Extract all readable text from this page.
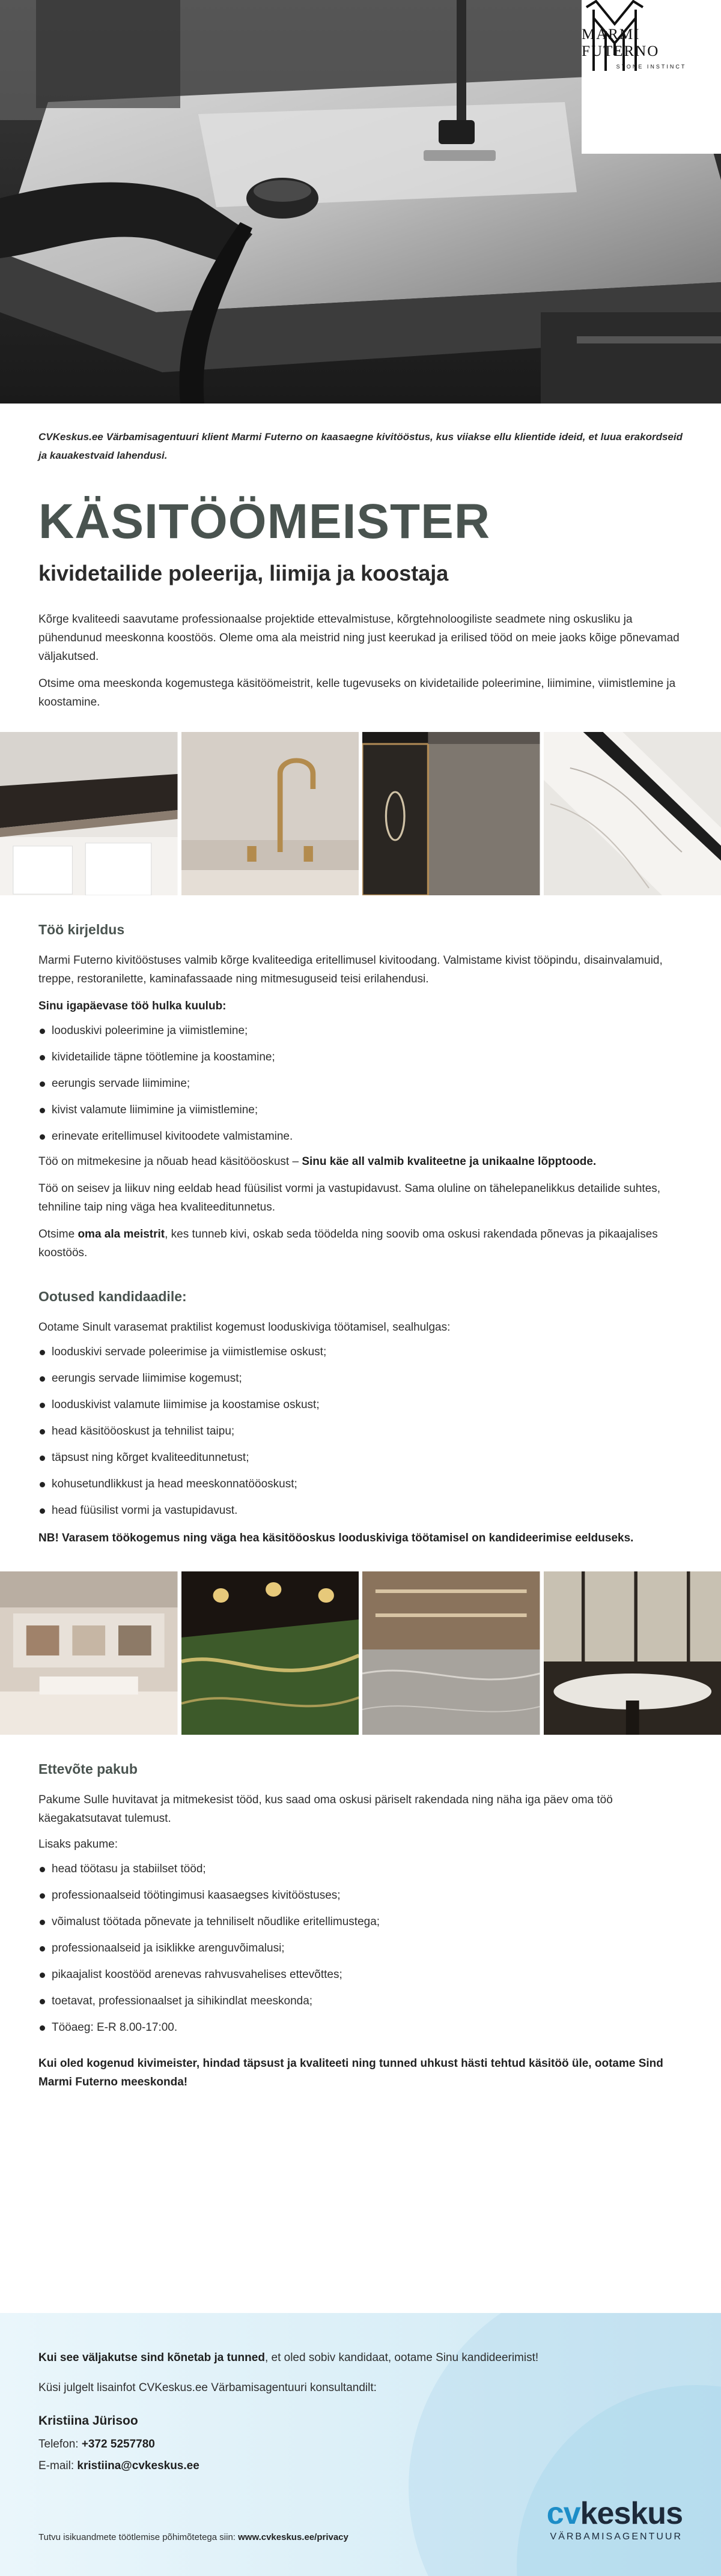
MARMI FUTERNO
STONE INSTINCT

CVKeskus.ee Värbamisagentuuri klient Marmi Futerno on kaasaegne kivitööstus, kus viiakse ellu klientide ideid, et luua erakordseid ja kauakestvaid lahendusi.

KÄSITÖÖMEISTER
kividetailide poleerija, liimija ja koostaja

Kõrge kvaliteedi saavutame professionaalse projektide ettevalmistuse, kõrgtehnoloogiliste seadmete ning oskusliku ja pühendunud meeskonna koostöös. Oleme oma ala meistrid ning just keerukad ja erilised tööd on meie jaoks kõige põnevamad väljakutsed.

Otsime oma meeskonda kogemustega käsitöömeistrit, kelle tugevuseks on kividetailide poleerimine, liimimine, viimistlemine ja koostamine.

Töö kirjeldus

Marmi Futerno kivitööstuses valmib kõrge kvaliteediga eritellimusel kivitoodang. Valmistame kivist tööpindu, disainvalamuid, treppe, restoranilette, kaminafassaade ning mitmesuguseid teisi erilahendusi.

Sinu igapäevase töö hulka kuulub:

looduskivi poleerimine ja viimistlemine;
kividetailide täpne töötlemine ja koostamine;
eerungis servade liimimine;
kivist valamute liimimine ja viimistlemine;
erinevate eritellimusel kivitoodete valmistamine.

Töö on mitmekesine ja nõuab head käsitööoskust – Sinu käe all valmib kvaliteetne ja unikaalne lõpptoode.

Töö on seisev ja liikuv ning eeldab head füüsilist vormi ja vastupidavust. Sama oluline on tähelepanelikkus detailide suhtes, tehniline taip ning väga hea kvaliteeditunnetus.

Otsime oma ala meistrit, kes tunneb kivi, oskab seda töödelda ning soovib oma oskusi rakendada põnevas ja pikaajalises koostöös.

Ootused kandidaadile:

Ootame Sinult varasemat praktilist kogemust looduskiviga töötamisel, sealhulgas:

looduskivi servade poleerimise ja viimistlemise oskust;
eerungis servade liimimise kogemust;
looduskivist valamute liimimise ja koostamise oskust;
head käsitööoskust ja tehnilist taipu;
täpsust ning kõrget kvaliteeditunnetust;
kohusetundlikkust ja head meeskonnatööoskust;
head füüsilist vormi ja vastupidavust.

NB! Varasem töökogemus ning väga hea käsitööoskus looduskiviga töötamisel on kandideerimise eelduseks.

Ettevõte pakub

Pakume Sulle huvitavat ja mitmekesist tööd, kus saad oma oskusi päriselt rakendada ning näha iga päev oma töö käegakatsutavat tulemust.

Lisaks pakume:

head töötasu ja stabiilset tööd;
professionaalseid töötingimusi kaasaegses kivitööstuses;
võimalust töötada põnevate ja tehniliselt nõudlike eritellimustega;
professionaalseid ja isiklikke arenguvõimalusi;
pikaajalist koostööd arenevas rahvusvahelises ettevõttes;
toetavat, professionaalset ja sihikindlat meeskonda;
Tööaeg: E-R 8.00-17:00.

Kui oled kogenud kivimeister, hindad täpsust ja kvaliteeti ning tunned uhkust hästi tehtud käsitöö üle, ootame Sind Marmi Futerno meeskonda!

Kui see väljakutse sind kõnetab ja tunned, et oled sobiv kandidaat, ootame Sinu kandideerimist!

Küsi julgelt lisainfot CVKeskus.ee Värbamisagentuuri konsultandilt:

Kristiina Jürisoo

Telefon: +372 5257780

E-mail: kristiina@cvkeskus.ee

Tutvu isikuandmete töötlemise põhimõtetega siin: www.cvkeskus.ee/privacy

cvkeskus
VÄRBAMISAGENTUUR
